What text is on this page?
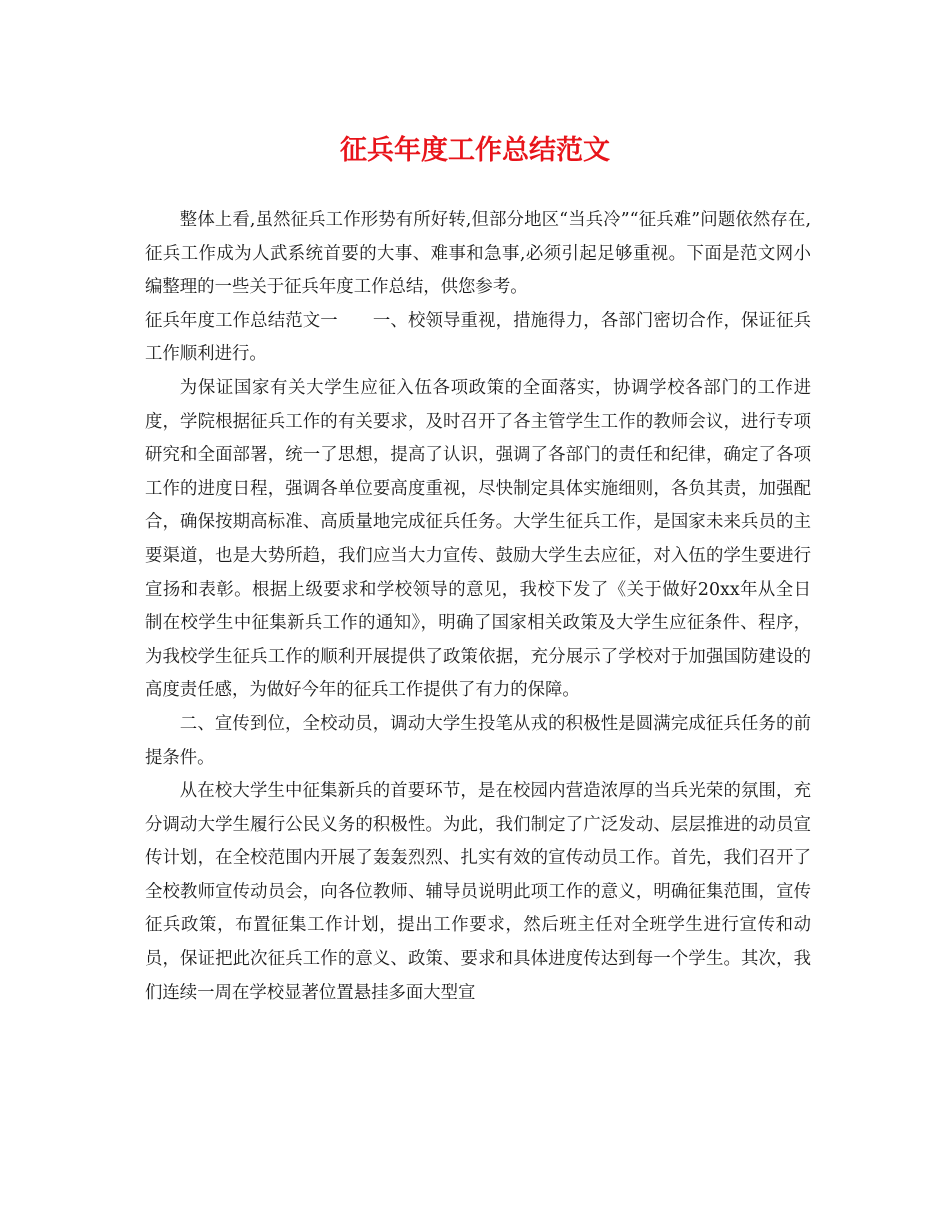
征兵年度工作总结范文

整体上看,虽然征兵工作形势有所好转,但部分地区“当兵冷”“征兵难”问题依然存在,征兵工作成为人武系统首要的大事、难事和急事,必须引起足够重视。下面是范文网小编整理的一些关于征兵年度工作总结，供您参考。

征兵年度工作总结范文一　　一、校领导重视，措施得力，各部门密切合作，保证征兵工作顺利进行。

为保证国家有关大学生应征入伍各项政策的全面落实，协调学校各部门的工作进度，学院根据征兵工作的有关要求，及时召开了各主管学生工作的教师会议，进行专项研究和全面部署，统一了思想，提高了认识，强调了各部门的责任和纪律，确定了各项工作的进度日程，强调各单位要高度重视，尽快制定具体实施细则，各负其责，加强配合，确保按期高标准、高质量地完成征兵任务。大学生征兵工作，是国家未来兵员的主要渠道，也是大势所趋，我们应当大力宣传、鼓励大学生去应征，对入伍的学生要进行宣扬和表彰。根据上级要求和学校领导的意见，我校下发了《关于做好20xx年从全日制在校学生中征集新兵工作的通知》，明确了国家相关政策及大学生应征条件、程序，为我校学生征兵工作的顺利开展提供了政策依据，充分展示了学校对于加强国防建设的高度责任感，为做好今年的征兵工作提供了有力的保障。

二、宣传到位，全校动员，调动大学生投笔从戎的积极性是圆满完成征兵任务的前提条件。

从在校大学生中征集新兵的首要环节，是在校园内营造浓厚的当兵光荣的氛围，充分调动大学生履行公民义务的积极性。为此，我们制定了广泛发动、层层推进的动员宣传计划，在全校范围内开展了轰轰烈烈、扎实有效的宣传动员工作。首先，我们召开了全校教师宣传动员会，向各位教师、辅导员说明此项工作的意义，明确征集范围，宣传征兵政策，布置征集工作计划，提出工作要求，然后班主任对全班学生进行宣传和动员，保证把此次征兵工作的意义、政策、要求和具体进度传达到每一个学生。其次，我们连续一周在学校显著位置悬挂多面大型宣
